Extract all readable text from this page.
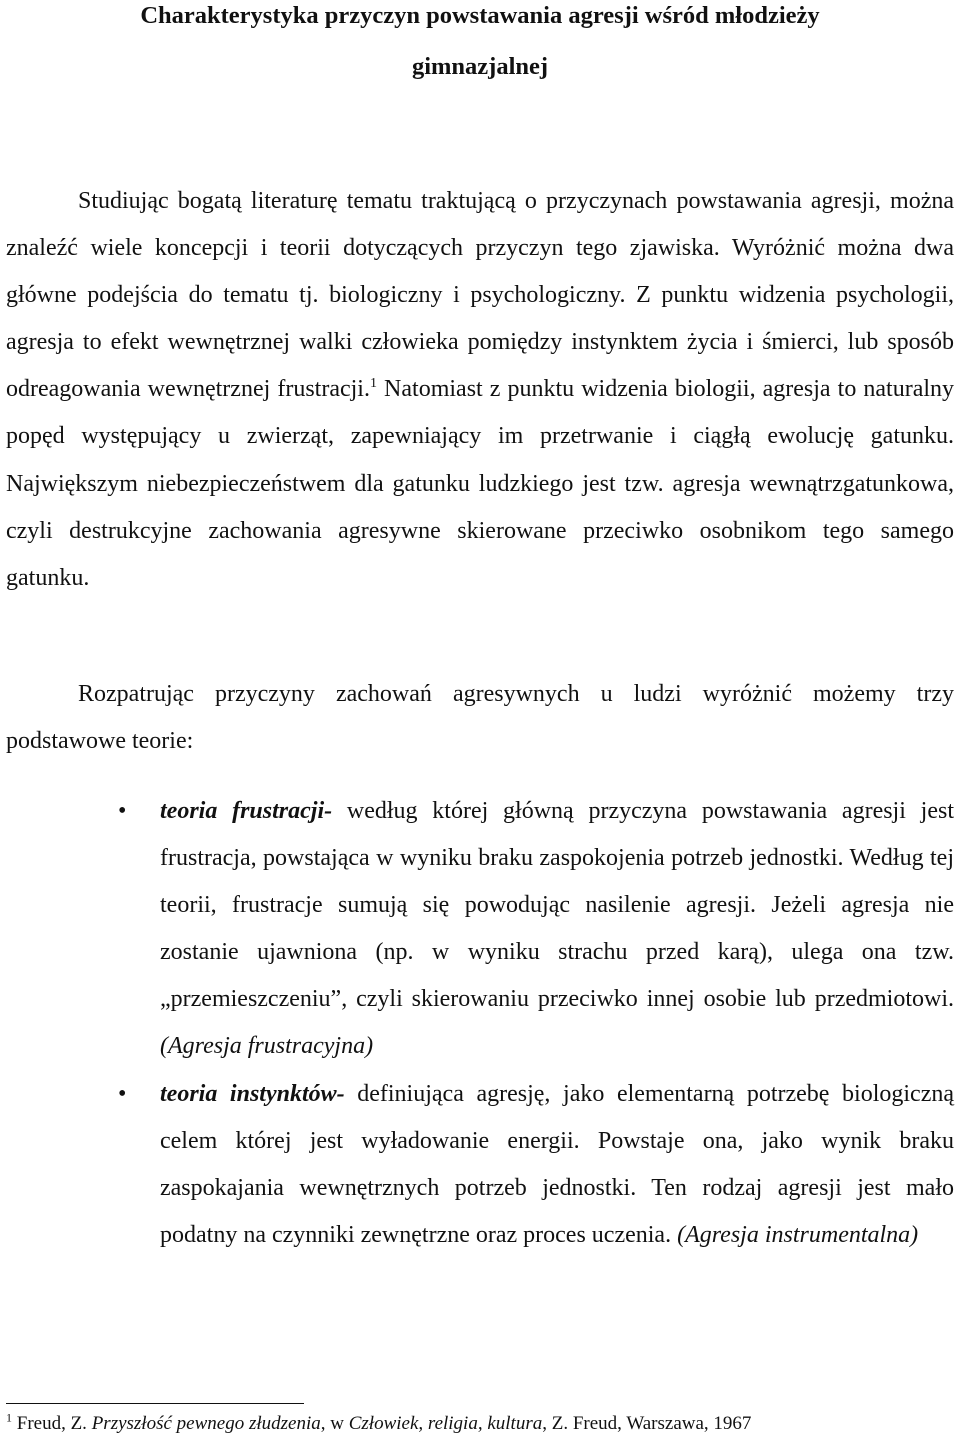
Charakterystyka przyczyn powstawania agresji wśród młodzieży
gimnazjalnej

Studiując bogatą literaturę tematu traktującą o przyczynach powstawania agresji, można znaleźć wiele koncepcji i teorii dotyczących przyczyn tego zjawiska. Wyróżnić można dwa główne podejścia do tematu tj. biologiczny i psychologiczny. Z punktu widzenia psychologii, agresja to efekt wewnętrznej walki człowieka pomiędzy instynktem życia i śmierci, lub sposób odreagowania wewnętrznej frustracji.$^1$ Natomiast z punktu widzenia biologii, agresja to naturalny popęd występujący u zwierząt, zapewniający im przetrwanie i ciągłą ewolucję gatunku. Największym niebezpieczeństwem dla gatunku ludzkiego jest tzw. agresja wewnątrzgatunkowa, czyli destrukcyjne zachowania agresywne skierowane przeciwko osobnikom tego samego gatunku.

Rozpatrując przyczyny zachowań agresywnych u ludzi wyróżnić możemy trzy podstawowe teorie:

• teoria frustracji- według której główną przyczyna powstawania agresji jest frustracja, powstająca w wyniku braku zaspokojenia potrzeb jednostki. Według tej teorii, frustracje sumują się powodując nasilenie agresji. Jeżeli agresja nie zostanie ujawniona (np. w wyniku strachu przed karą), ulega ona tzw. „przemieszczeniu”, czyli skierowaniu przeciwko innej osobie lub przedmiotowi. (Agresja frustracyjna)
• teoria instynktów- definiująca agresję, jako elementarną potrzebę biologiczną celem której jest wyładowanie energii. Powstaje ona, jako wynik braku zaspokajania wewnętrznych potrzeb jednostki. Ten rodzaj agresji jest mało podatny na czynniki zewnętrzne oraz proces uczenia. (Agresja instrumentalna)

$^1$ Freud, Z. Przyszłość pewnego złudzenia, w Człowiek, religia, kultura, Z. Freud, Warszawa, 1967
